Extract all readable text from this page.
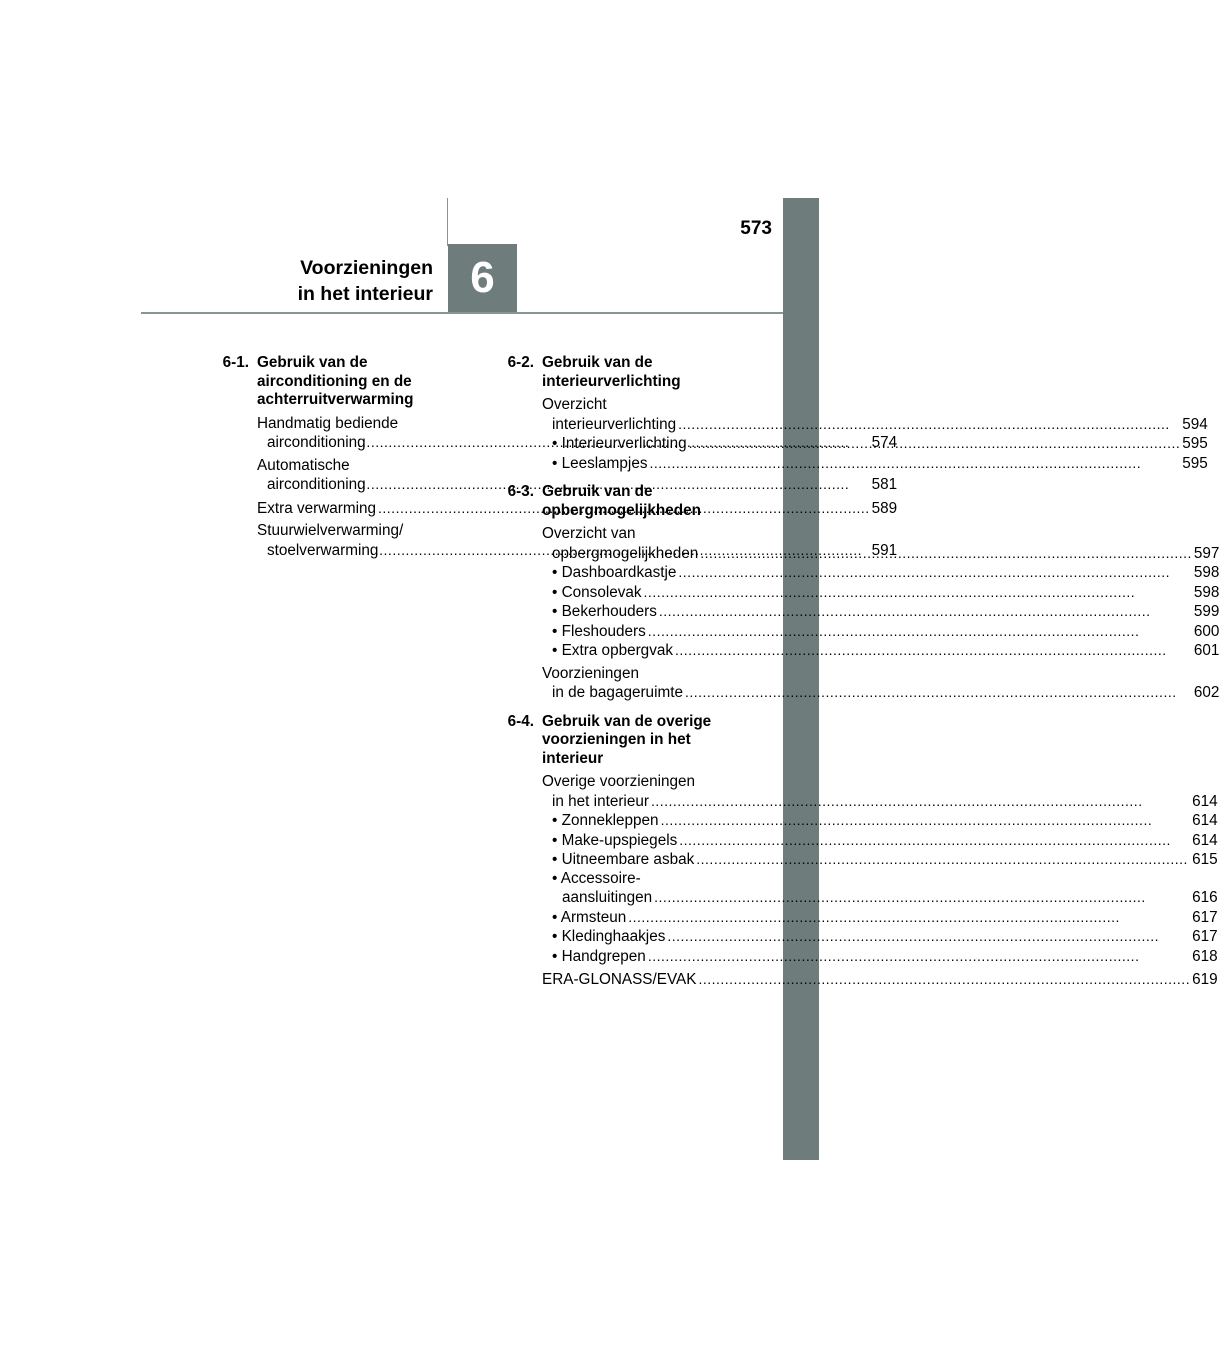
573
Voorzieningen
in het interieur 6
6-1. Gebruik van de
airconditioning en de
achterruitverwarming
Handmatig bediende
airconditioning .....	574
Automatische
airconditioning .....	581
Extra verwarming .....	589
Stuurwielverwarming/
stoelverwarming .....	591
6-2. Gebruik van de
interieurverlichting
Overzicht
interieurverlichting .....	594
• Interieurverlichting .....	595
• Leeslampjes .....	595
6-3. Gebruik van de
opbergmogelijkheden
Overzicht van
opbergmogelijkheden .....	597
• Dashboardkastje .....	598
• Consolevak .....	598
• Bekerhouders .....	599
• Fleshouders .....	600
• Extra opbergvak .....	601
Voorzieningen
in de bagageruimte .....	602
6-4. Gebruik van de overige
voorzieningen in het
interieur
Overige voorzieningen
in het interieur .....	614
• Zonnekleppen .....	614
• Make-upspiegels .....	614
• Uitneembare asbak .....	615
• Accessoire-
aansluitingen .....	616
• Armsteun .....	617
• Kledinghaakjes .....	617
• Handgrepen .....	618
ERA-GLONASS/EVAK .....	619
